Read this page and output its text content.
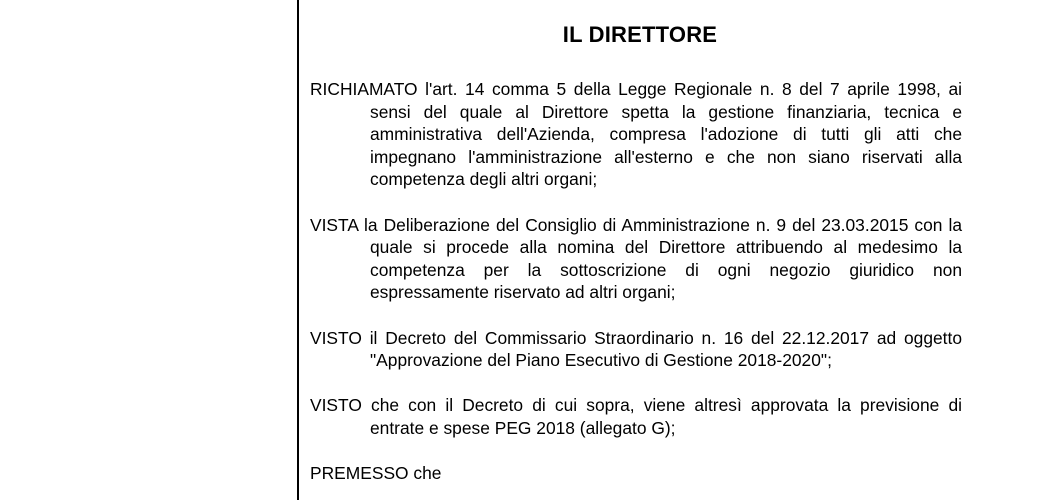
IL DIRETTORE

RICHIAMATO l'art. 14 comma 5 della Legge Regionale n. 8 del 7 aprile 1998, ai sensi del quale al Direttore spetta la gestione finanziaria, tecnica e amministrativa dell'Azienda, compresa l'adozione di tutti gli atti che impegnano l'amministrazione all'esterno e che non siano riservati alla competenza degli altri organi;

VISTA la Deliberazione del Consiglio di Amministrazione n. 9 del 23.03.2015 con la quale si procede alla nomina del Direttore attribuendo al medesimo la competenza per la sottoscrizione di ogni negozio giuridico non espressamente riservato ad altri organi;

VISTO il Decreto del Commissario Straordinario n. 16 del 22.12.2017 ad oggetto "Approvazione del Piano Esecutivo di Gestione 2018-2020";

VISTO che con il Decreto di cui sopra, viene altresì approvata la previsione di entrate e spese PEG 2018 (allegato G);

PREMESSO che
